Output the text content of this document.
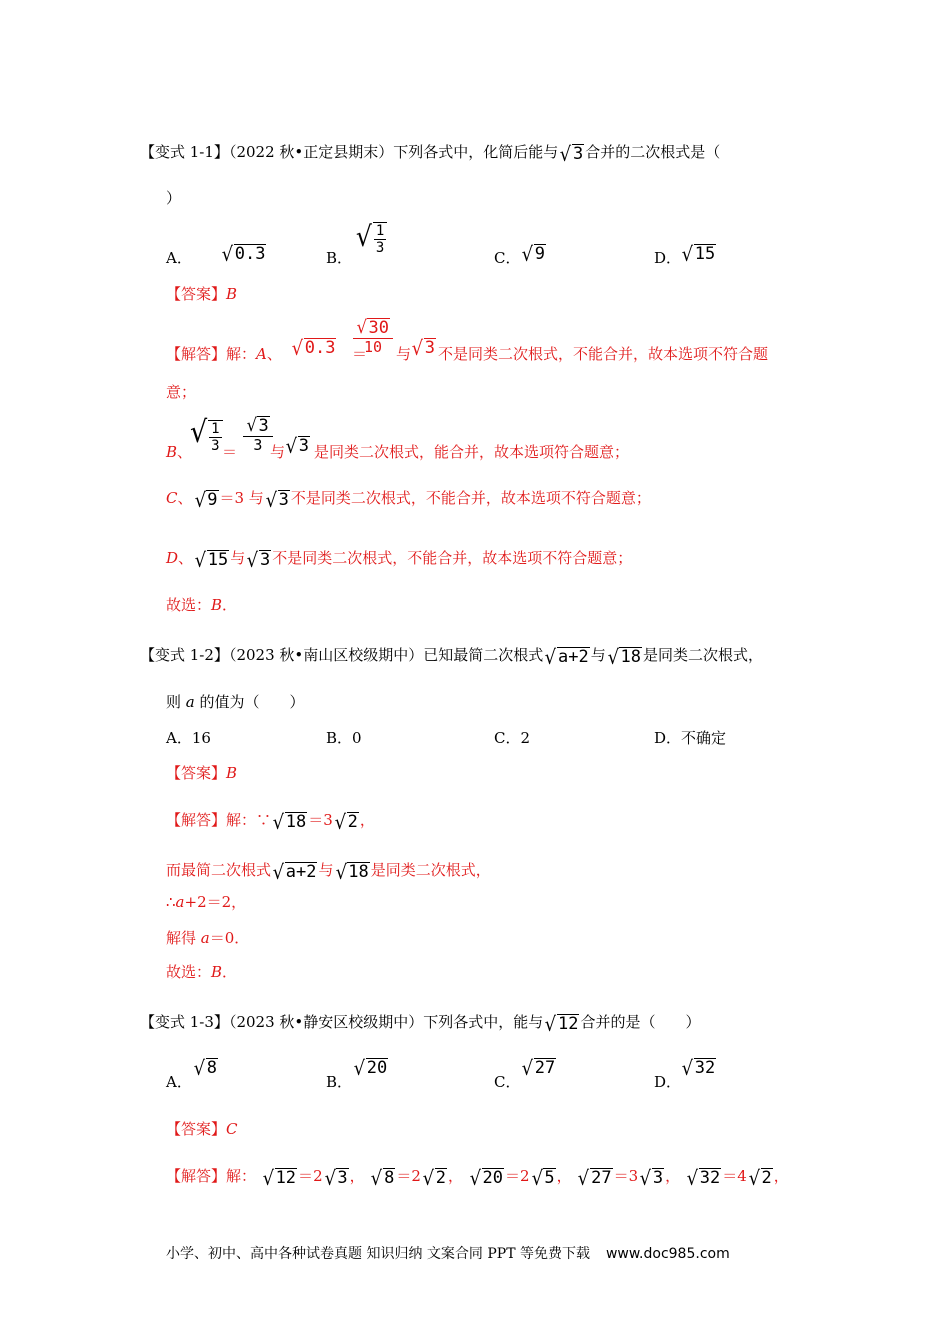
【变式 1-1】（2022 秋•正定县期末）下列各式中，化简后能与 √ 3 合并的二次根式是（
）
A． √ 0.3	B．
√ 1
3
C． √ 9	D． √ 15
【答案】B
【解答】解：A、 √ 0.3 ＝
$\frac{√ 30}{10}$ 与 √ 3 不是同类二次根式，不能合并，故本选项不符合题
意；
B、
√ 1
$3 = \frac{√ 3}{3}$
与 √ 3 是同类二次根式，能合并，故本选项符合题意；
C、 √ 9 ＝3 与 √ 3 不是同类二次根式，不能合并，故本选项不符合题意；
D、 √ 15 与 √ 3 不是同类二次根式，不能合并，故本选项不符合题意；
故选：B．
【变式 1-2】（2023 秋•南山区校级期中）已知最简二次根式 √ a+2 与 √ 18 是同类二次根式，
则 a 的值为（　　）
A．16	B．0	C．2	D．不确定
【答案】B
【解答】解：∵ √ 18 ＝3 √ 2 ，
而最简二次根式 √ a+2 与 √ 18 是同类二次根式，
∴a+2＝2，
解得 a＝0．
故选：B．
【变式 1-3】（2023 秋•静安区校级期中）下列各式中，能与 √ 12 合并的是（　　）
A．
√ 8
B．
√ 20
C．
√ 27
D．
√ 32
【答案】C
【解答】解： √ 12 ＝2 √ 3 ， √ 8 ＝2 √ 2 ， √ 20 ＝2 √ 5 ， √ 27 ＝3 √ 3 ， √ 32 ＝4 √ 2 ，
小学、初中、高中各种试卷真题 知识归纳 文案合同 PPT 等免费下载 www.doc985.com
